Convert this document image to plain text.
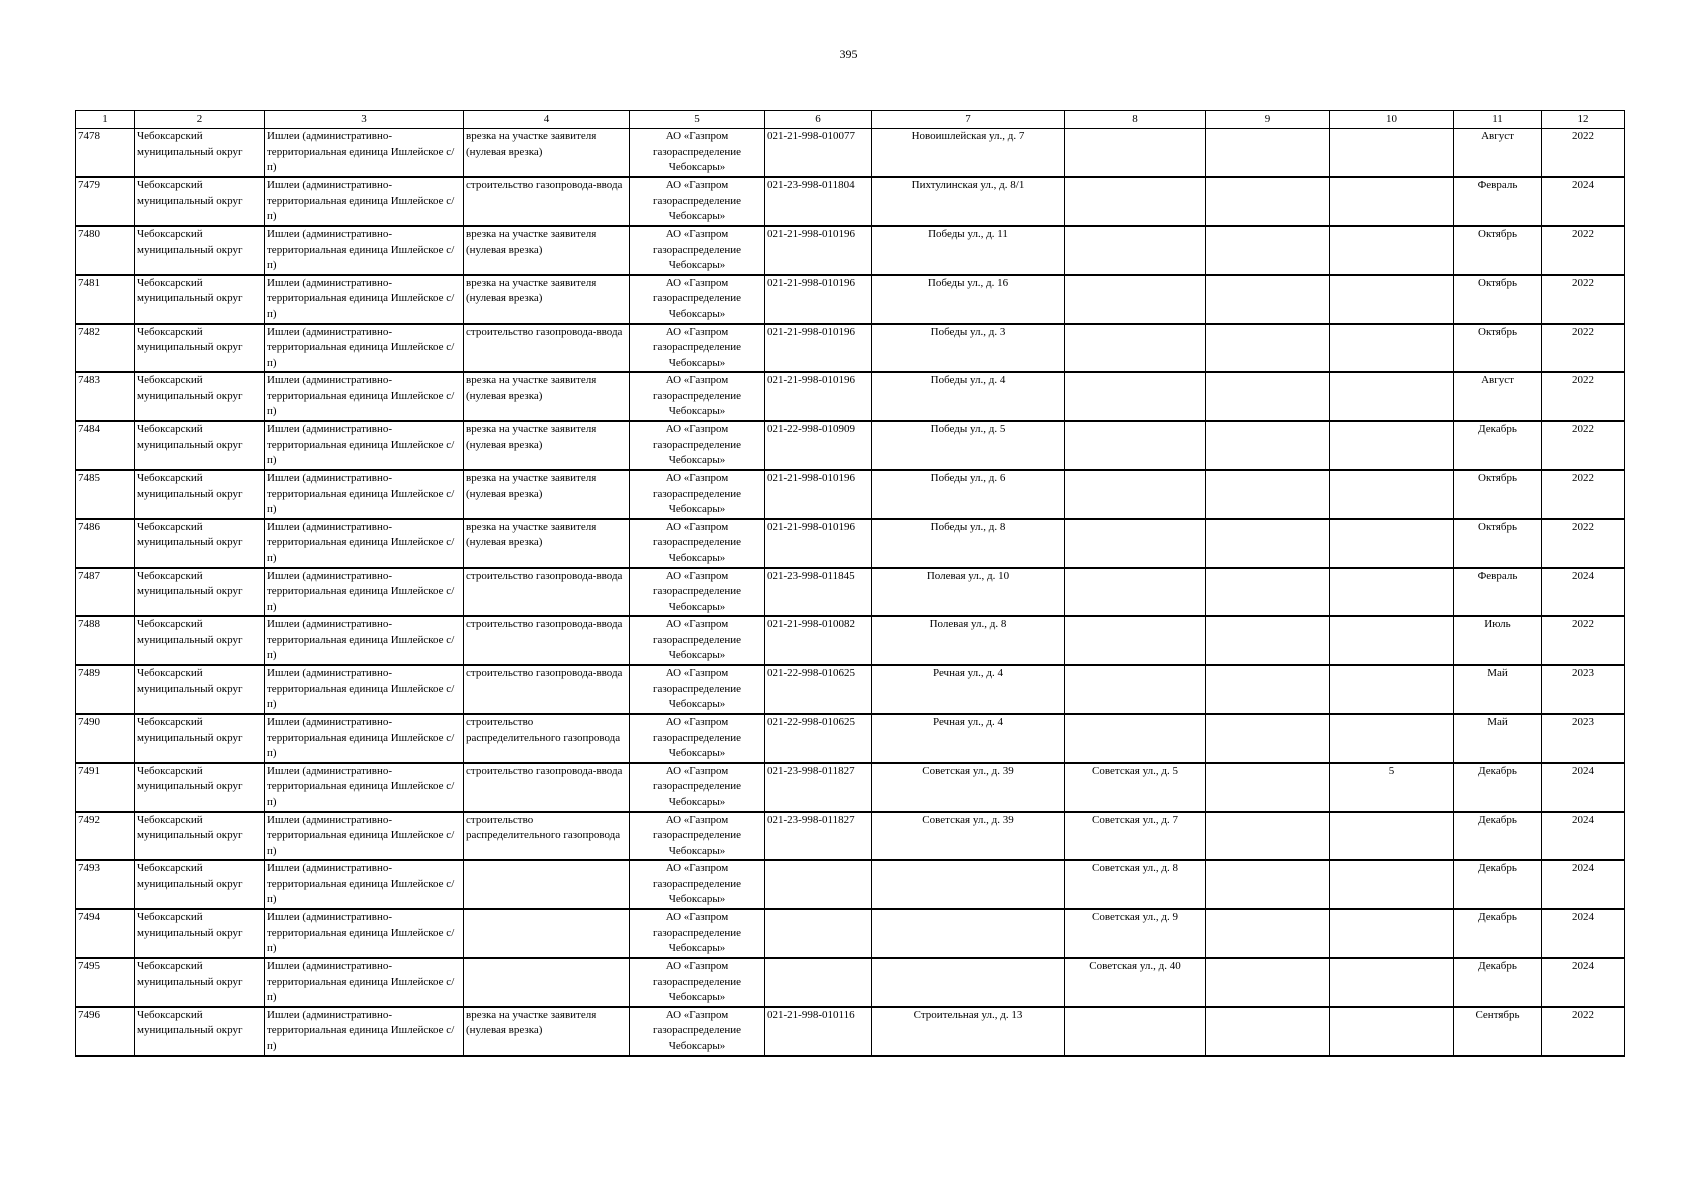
395
1	2	3	4	5	6	7	8	9	10	11	12
7478	Чебоксарский муниципальный округ	Ишлеи (административно-территориальная единица Ишлейское с/п)	врезка на участке заявителя (нулевая врезка)	АО «Газпром газораспределение Чебоксары»	021-21-998-010077	Новоишлейская ул., д. 7				Август	2022
7479	Чебоксарский муниципальный округ	Ишлеи (административно-территориальная единица Ишлейское с/п)	строительство газопровода-ввода	АО «Газпром газораспределение Чебоксары»	021-23-998-011804	Пихтулинская ул., д. 8/1				Февраль	2024
7480	Чебоксарский муниципальный округ	Ишлеи (административно-территориальная единица Ишлейское с/п)	врезка на участке заявителя (нулевая врезка)	АО «Газпром газораспределение Чебоксары»	021-21-998-010196	Победы ул., д. 11				Октябрь	2022
7481	Чебоксарский муниципальный округ	Ишлеи (административно-территориальная единица Ишлейское с/п)	врезка на участке заявителя (нулевая врезка)	АО «Газпром газораспределение Чебоксары»	021-21-998-010196	Победы ул., д. 16				Октябрь	2022
7482	Чебоксарский муниципальный округ	Ишлеи (административно-территориальная единица Ишлейское с/п)	строительство газопровода-ввода	АО «Газпром газораспределение Чебоксары»	021-21-998-010196	Победы ул., д. 3				Октябрь	2022
7483	Чебоксарский муниципальный округ	Ишлеи (административно-территориальная единица Ишлейское с/п)	врезка на участке заявителя (нулевая врезка)	АО «Газпром газораспределение Чебоксары»	021-21-998-010196	Победы ул., д. 4				Август	2022
7484	Чебоксарский муниципальный округ	Ишлеи (административно-территориальная единица Ишлейское с/п)	врезка на участке заявителя (нулевая врезка)	АО «Газпром газораспределение Чебоксары»	021-22-998-010909	Победы ул., д. 5				Декабрь	2022
7485	Чебоксарский муниципальный округ	Ишлеи (административно-территориальная единица Ишлейское с/п)	врезка на участке заявителя (нулевая врезка)	АО «Газпром газораспределение Чебоксары»	021-21-998-010196	Победы ул., д. 6				Октябрь	2022
7486	Чебоксарский муниципальный округ	Ишлеи (административно-территориальная единица Ишлейское с/п)	врезка на участке заявителя (нулевая врезка)	АО «Газпром газораспределение Чебоксары»	021-21-998-010196	Победы ул., д. 8				Октябрь	2022
7487	Чебоксарский муниципальный округ	Ишлеи (административно-территориальная единица Ишлейское с/п)	строительство газопровода-ввода	АО «Газпром газораспределение Чебоксары»	021-23-998-011845	Полевая ул., д. 10				Февраль	2024
7488	Чебоксарский муниципальный округ	Ишлеи (административно-территориальная единица Ишлейское с/п)	строительство газопровода-ввода	АО «Газпром газораспределение Чебоксары»	021-21-998-010082	Полевая ул., д. 8				Июль	2022
7489	Чебоксарский муниципальный округ	Ишлеи (административно-территориальная единица Ишлейское с/п)	строительство газопровода-ввода	АО «Газпром газораспределение Чебоксары»	021-22-998-010625	Речная ул., д. 4				Май	2023
7490	Чебоксарский муниципальный округ	Ишлеи (административно-территориальная единица Ишлейское с/п)	строительство распределительного газопровода	АО «Газпром газораспределение Чебоксары»	021-22-998-010625	Речная ул., д. 4				Май	2023
7491	Чебоксарский муниципальный округ	Ишлеи (административно-территориальная единица Ишлейское с/п)	строительство газопровода-ввода	АО «Газпром газораспределение Чебоксары»	021-23-998-011827	Советская ул., д. 39	Советская ул., д. 5		5	Декабрь	2024
7492	Чебоксарский муниципальный округ	Ишлеи (административно-территориальная единица Ишлейское с/п)	строительство распределительного газопровода	АО «Газпром газораспределение Чебоксары»	021-23-998-011827	Советская ул., д. 39	Советская ул., д. 7			Декабрь	2024
7493	Чебоксарский муниципальный округ	Ишлеи (административно-территориальная единица Ишлейское с/п)		АО «Газпром газораспределение Чебоксары»			Советская ул., д. 8			Декабрь	2024
7494	Чебоксарский муниципальный округ	Ишлеи (административно-территориальная единица Ишлейское с/п)		АО «Газпром газораспределение Чебоксары»			Советская ул., д. 9			Декабрь	2024
7495	Чебоксарский муниципальный округ	Ишлеи (административно-территориальная единица Ишлейское с/п)		АО «Газпром газораспределение Чебоксары»			Советская ул., д. 40			Декабрь	2024
7496	Чебоксарский муниципальный округ	Ишлеи (административно-территориальная единица Ишлейское с/п)	врезка на участке заявителя (нулевая врезка)	АО «Газпром газораспределение Чебоксары»	021-21-998-010116	Строительная ул., д. 13				Сентябрь	2022
